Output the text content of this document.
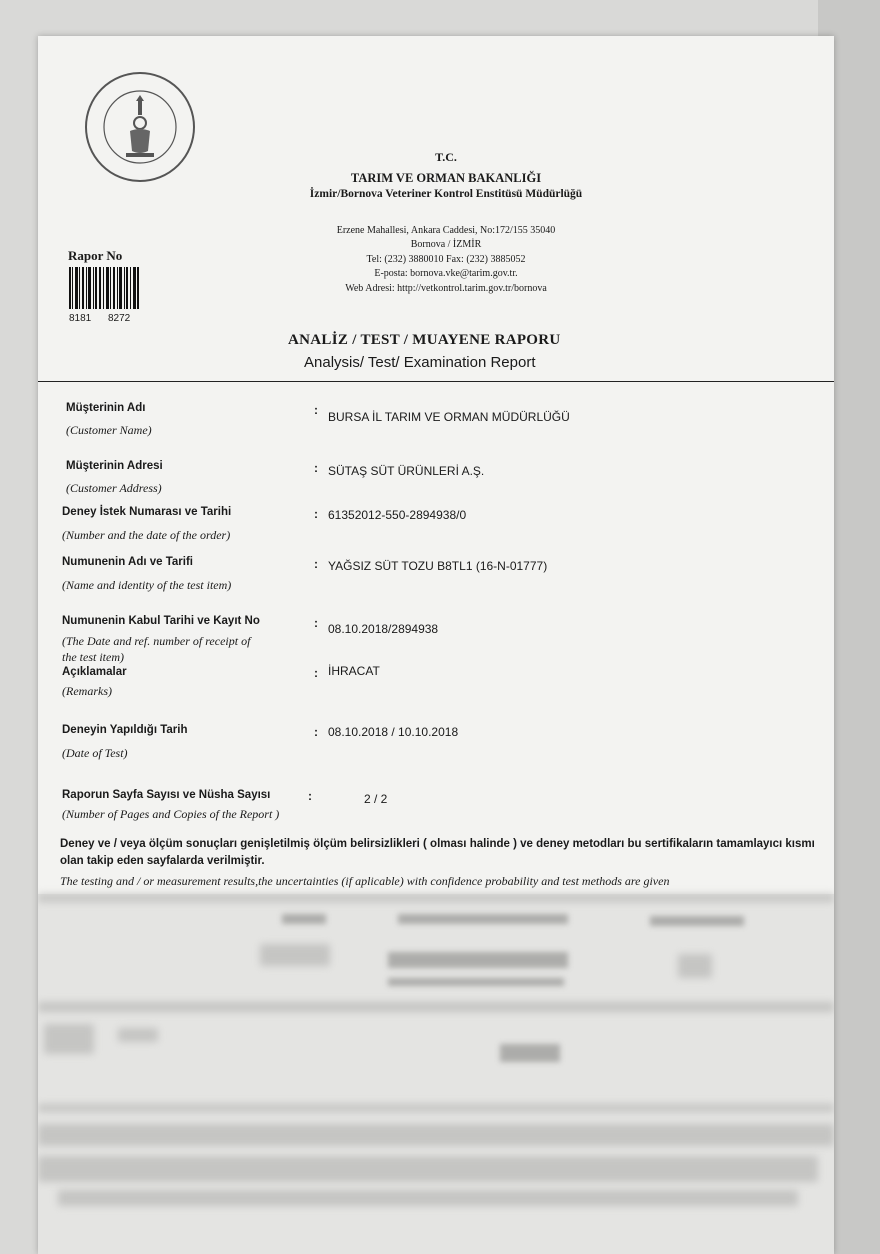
T.C.
TARIM VE ORMAN BAKANLIĞI
İzmir/Bornova Veteriner Kontrol Enstitüsü Müdürlüğü
Erzene Mahallesi, Ankara Caddesi, No:172/155 35040
Bornova / İZMİR
Tel: (232) 3880010 Fax: (232) 3885052
E-posta: bornova.vke@tarim.gov.tr.
Web Adresi: http://vetkontrol.tarim.gov.tr/bornova
Rapor No
8181 8272
ANALİZ / TEST / MUAYENE RAPORU
Analysis/ Test/ Examination Report
Müşterinin Adı
(Customer Name)
: BURSA İL TARIM VE ORMAN MÜDÜRLÜĞÜ
Müşterinin Adresi
(Customer Address)
: SÜTAŞ SÜT ÜRÜNLERİ A.Ş.
Deney İstek Numarası ve Tarihi
(Number and the date of the order)
: 61352012-550-2894938/0
Numunenin Adı ve Tarifi
(Name and identity of the test item)
: YAĞSIZ SÜT TOZU B8TL1 (16-N-01777)
Numunenin Kabul Tarihi ve Kayıt No
(The Date and ref. number of receipt of
the test item)
: 08.10.2018/2894938
Açıklamalar
(Remarks)
: İHRACAT
Deneyin Yapıldığı Tarih
(Date of Test)
: 08.10.2018 / 10.10.2018
Raporun Sayfa Sayısı ve Nüsha Sayısı
(Number of Pages and Copies of the Report )
:	2 / 2
Deney ve / veya ölçüm sonuçları genişletilmiş ölçüm belirsizlikleri ( olması halinde ) ve deney metodları bu sertifikaların tamamlayıcı kısmı olan takip eden sayfalarda verilmiştir.
The testing and / or measurement results,the uncertainties (if aplicable) with confidence probability and test methods are given
